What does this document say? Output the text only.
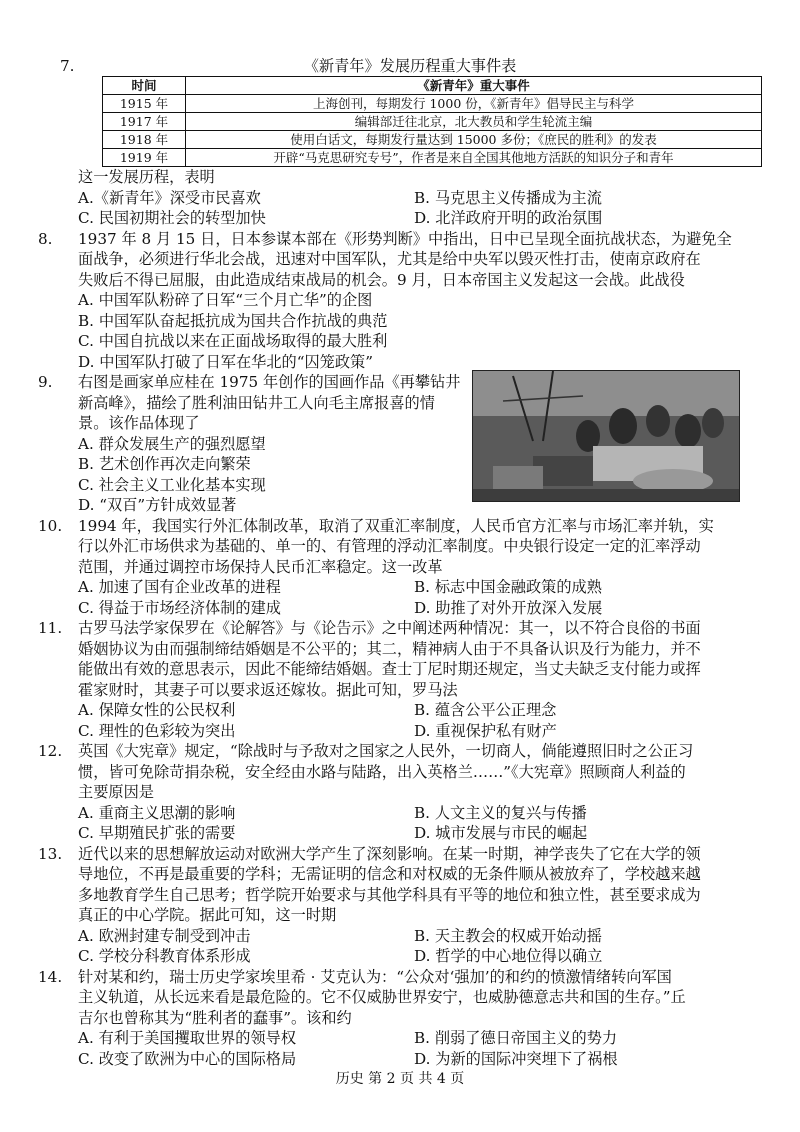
7.	《新青年》发展历程重大事件表
时间	《新青年》重大事件
1915 年	上海创刊，每期发行 1000 份，《新青年》倡导民主与科学
1917 年	编辑部迁往北京，北大教员和学生轮流主编
1918 年	使用白话文，每期发行量达到 15000 多份；《庶民的胜利》的发表
1919 年	开辟“马克思研究专号”，作者是来自全国其他地方活跃的知识分子和青年
这一发展历程，表明
A.《新青年》深受市民喜欢	B. 马克思主义传播成为主流
C. 民国初期社会的转型加快	D. 北洋政府开明的政治氛围
8. 1937 年 8 月 15 日，日本参谋本部在《形势判断》中指出，日中已呈现全面抗战状态，为避免全
面战争，必须进行华北会战，迅速对中国军队，尤其是给中央军以毁灭性打击，使南京政府在
失败后不得已屈服，由此造成结束战局的机会。9 月，日本帝国主义发起这一会战。此战役
A. 中国军队粉碎了日军“三个月亡华”的企图
B. 中国军队奋起抵抗成为国共合作抗战的典范
C. 中国自抗战以来在正面战场取得的最大胜利
D. 中国军队打破了日军在华北的“囚笼政策”
9. 右图是画家单应桂在 1975 年创作的国画作品《再攀钻井
新高峰》，描绘了胜利油田钻井工人向毛主席报喜的情
景。该作品体现了
A. 群众发展生产的强烈愿望
B. 艺术创作再次走向繁荣
C. 社会主义工业化基本实现
D. “双百”方针成效显著
10. 1994 年，我国实行外汇体制改革，取消了双重汇率制度，人民币官方汇率与市场汇率并轨，实
行以外汇市场供求为基础的、单一的、有管理的浮动汇率制度。中央银行设定一定的汇率浮动
范围，并通过调控市场保持人民币汇率稳定。这一改革
A. 加速了国有企业改革的进程	B. 标志中国金融政策的成熟
C. 得益于市场经济体制的建成	D. 助推了对外开放深入发展
11. 古罗马法学家保罗在《论解答》与《论告示》之中阐述两种情况：其一，以不符合良俗的书面
婚姻协议为由而强制缔结婚姻是不公平的；其二，精神病人由于不具备认识及行为能力，并不
能做出有效的意思表示，因此不能缔结婚姻。查士丁尼时期还规定，当丈夫缺乏支付能力或挥
霍家财时，其妻子可以要求返还嫁妆。据此可知，罗马法
A. 保障女性的公民权利	B. 蕴含公平公正理念
C. 理性的色彩较为突出	D. 重视保护私有财产
12. 英国《大宪章》规定，“除战时与予敌对之国家之人民外，一切商人，倘能遵照旧时之公正习
惯，皆可免除苛捐杂税，安全经由水路与陆路，出入英格兰……”《大宪章》照顾商人利益的
主要原因是
A. 重商主义思潮的影响	B. 人文主义的复兴与传播
C. 早期殖民扩张的需要	D. 城市发展与市民的崛起
13. 近代以来的思想解放运动对欧洲大学产生了深刻影响。在某一时期，神学丧失了它在大学的领
导地位，不再是最重要的学科；无需证明的信念和对权威的无条件顺从被放弃了，学校越来越
多地教育学生自己思考；哲学院开始要求与其他学科具有平等的地位和独立性，甚至要求成为
真正的中心学院。据此可知，这一时期
A. 欧洲封建专制受到冲击	B. 天主教会的权威开始动摇
C. 学校分科教育体系形成	D. 哲学的中心地位得以确立
14. 针对某和约，瑞士历史学家埃里希 · 艾克认为：“公众对‘强加’的和约的愤激情绪转向军国
主义轨道，从长远来看是最危险的。它不仅威胁世界安宁，也威胁德意志共和国的生存。”丘
吉尔也曾称其为“胜利者的蠢事”。该和约
A. 有利于美国攫取世界的领导权	B. 削弱了德日帝国主义的势力
C. 改变了欧洲为中心的国际格局	D. 为新的国际冲突埋下了祸根
历史 第 2 页 共 4 页
